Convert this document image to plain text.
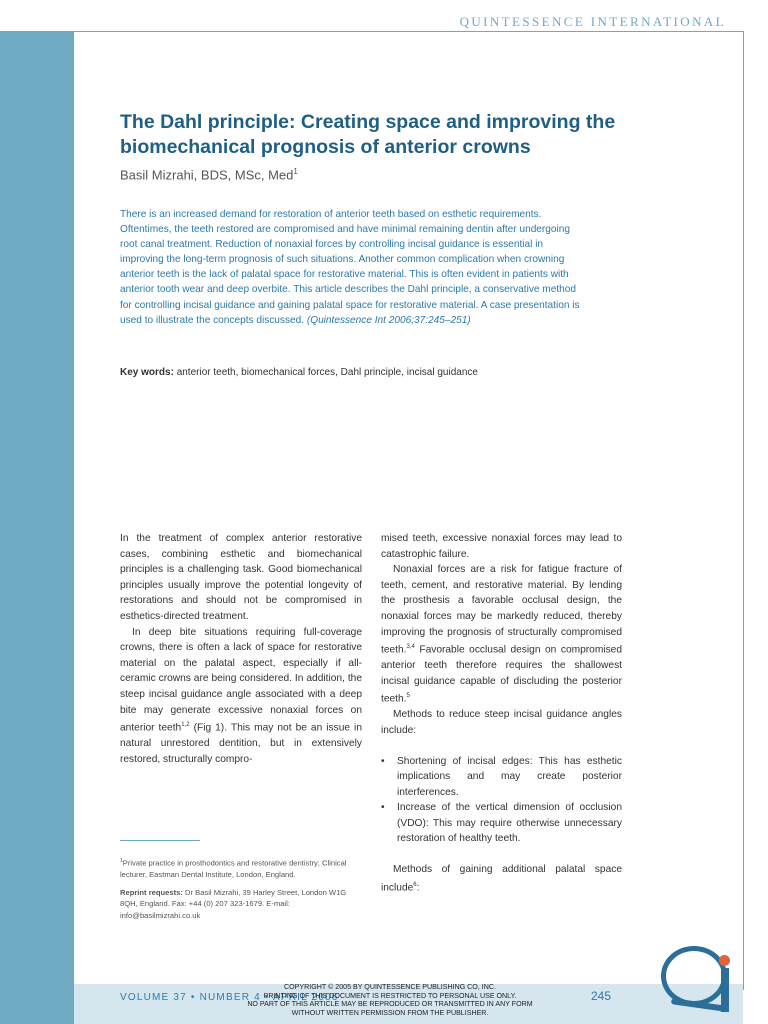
QUINTESSENCE INTERNATIONAL
The Dahl principle: Creating space and improving the biomechanical prognosis of anterior crowns
Basil Mizrahi, BDS, MSc, Med$^1$
There is an increased demand for restoration of anterior teeth based on esthetic requirements. Oftentimes, the teeth restored are compromised and have minimal remaining dentin after undergoing root canal treatment. Reduction of nonaxial forces by controlling incisal guidance is essential in improving the long-term prognosis of such situations. Another common complication when crowning anterior teeth is the lack of palatal space for restorative material. This is often evident in patients with anterior tooth wear and deep overbite. This article describes the Dahl principle, a conservative method for controlling incisal guidance and gaining palatal space for restorative material. A case presentation is used to illustrate the concepts discussed. (Quintessence Int 2006;37:245–251)
Key words: anterior teeth, biomechanical forces, Dahl principle, incisal guidance

In the treatment of complex anterior restorative cases, combining esthetic and biomechanical principles is a challenging task. Good biomechanical principles usually improve the potential longevity of restorations and should not be compromised in esthetics-directed treatment.

In deep bite situations requiring full-coverage crowns, there is often a lack of space for restorative material on the palatal aspect, especially if all-ceramic crowns are being considered. In addition, the steep incisal guidance angle associated with a deep bite may generate excessive nonaxial forces on anterior teeth$^{1,2}$ (Fig 1). This may not be an issue in natural unrestored dentition, but in extensively restored, structurally compro-

mised teeth, excessive nonaxial forces may lead to catastrophic failure.

Nonaxial forces are a risk for fatigue fracture of teeth, cement, and restorative material. By lending the prosthesis a favorable occlusal design, the nonaxial forces may be markedly reduced, thereby improving the prognosis of structurally compromised teeth.$^{3,4}$ Favorable occlusal design on compromised anterior teeth therefore requires the shallowest incisal guidance capable of discluding the posterior teeth.$^5$

Methods to reduce steep incisal guidance angles include:

• Shortening of incisal edges: This has esthetic implications and may create posterior interferences.
• Increase of the vertical dimension of occlusion (VDO): This may require otherwise unnecessary restoration of healthy teeth.

Methods of gaining additional palatal space include$^6$:

$^1$Private practice in prosthodontics and restorative dentistry; Clinical lecturer, Eastman Dental Institute, London, England.

Reprint requests: Dr Basil Mizrahi, 39 Harley Street, London W1G 8QH, England. Fax: +44 (0) 207 323-1679. E-mail: info@basilmizrahi.co.uk

VOLUME 37 • NUMBER 4 • APRIL 2006	245
COPYRIGHT © 2005 BY QUINTESSENCE PUBLISHING CO, INC.
PRINTING OF THIS DOCUMENT IS RESTRICTED TO PERSONAL USE ONLY.
NO PART OF THIS ARTICLE MAY BE REPRODUCED OR TRANSMITTED IN ANY FORM
WITHOUT WRITTEN PERMISSION FROM THE PUBLISHER.
